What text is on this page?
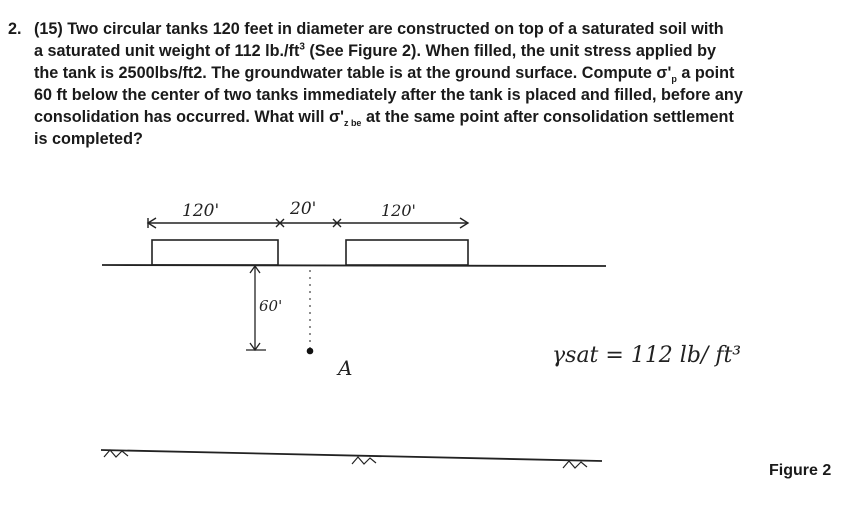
2. (15) Two circular tanks 120 feet in diameter are constructed on top of a saturated soil with
a saturated unit weight of 112 $lb./ft^3$ (See Figure 2). When filled, the unit stress applied by
the tank is 2500lbs/ft2. The groundwater table is at the ground surface. Compute $\sigma'_p$ a point
60 ft below the center of two tanks immediately after the tank is placed and filled, before any
consolidation has occurred. What will $\sigma'_{z be}$ at the same point after consolidation settlement
is completed?
120'	20'	120'
60'
A	γsat = 112 lb/ ft³
Figure 2
